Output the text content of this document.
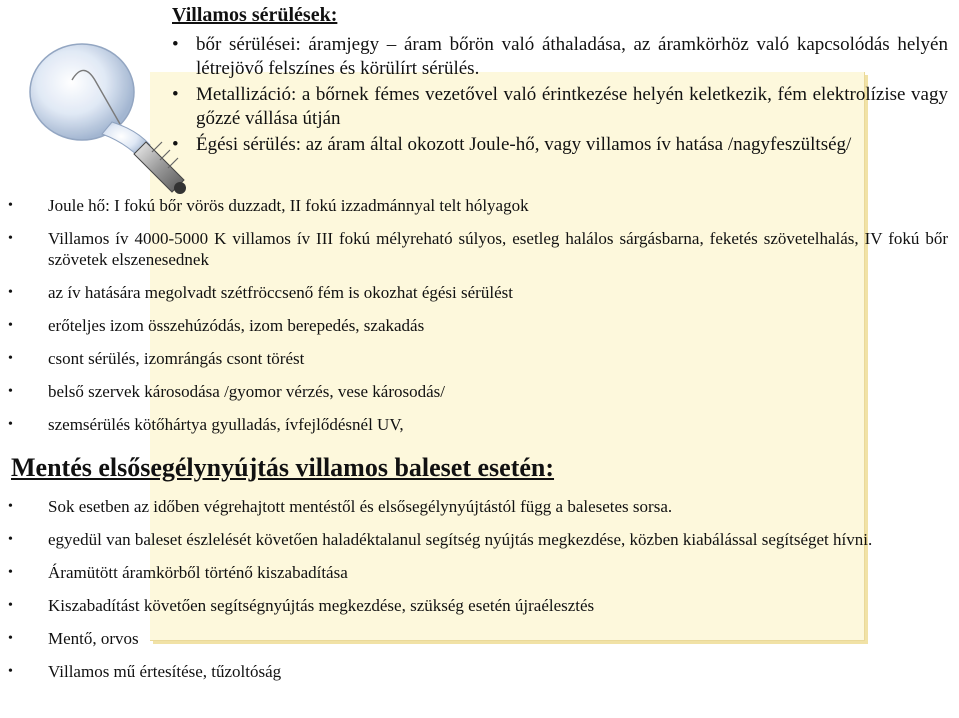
Villamos sérülések:
• bőr sérülései: áramjegy – áram bőrön való áthaladása, az áramkörhöz való kapcsolódás helyén létrejövő felszínes és körülírt sérülés.
• Metallizáció: a bőrnek fémes vezetővel való érintkezése helyén keletkezik, fém elektrolízise vagy gőzzé vállása útján
• Égési sérülés: az áram által okozott Joule-hő, vagy villamos ív hatása /nagyfeszültség/
• Joule hő: I fokú bőr vörös duzzadt, II fokú izzadmánnyal telt hólyagok
• Villamos ív 4000-5000 K villamos ív III fokú mélyreható súlyos, esetleg halálos sárgásbarna, feketés szövetelhalás, IV fokú bőr szövetek elszenesednek
• az ív hatására megolvadt szétfröccsenő fém is okozhat égési sérülést
• erőteljes izom összehúzódás, izom berepedés, szakadás
• csont sérülés, izomrángás csont törést
• belső szervek károsodása /gyomor vérzés, vese károsodás/
• szemsérülés kötőhártya gyulladás, ívfejlődésnél UV,
Mentés elsősegélynyújtás villamos baleset esetén:
• Sok esetben az időben végrehajtott mentéstől és elsősegélynyújtástól függ a balesetes sorsa.
• egyedül van baleset észlelését követően haladéktalanul segítség nyújtás megkezdése, közben kiabálással segítséget hívni.
• Áramütött áramkörből történő kiszabadítása
• Kiszabadítást követően segítségnyújtás megkezdése, szükség esetén újraélesztés
• Mentő, orvos
• Villamos mű értesítése, tűzoltóság
